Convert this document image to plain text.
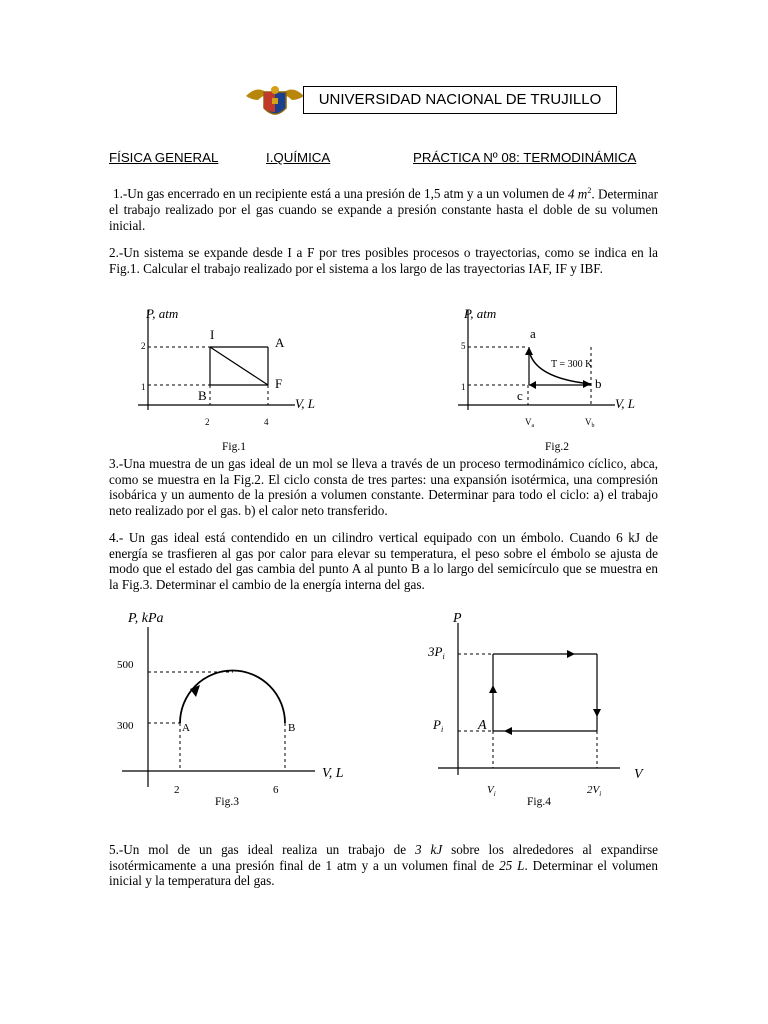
UNIVERSIDAD NACIONAL DE TRUJILLO
FÍSICA GENERAL	I.QUÍMICA	PRÁCTICA Nº 08: TERMODINÁMICA
1.-Un gas encerrado en un recipiente está a una presión de 1,5 atm y a un volumen de 4 $m^2$. Determinar el trabajo realizado por el gas cuando se expande a presión constante hasta el doble de su volumen inicial.
2.-Un sistema se expande desde I a F por tres posibles procesos o trayectorias, como se indica en la Fig.1. Calcular el trabajo realizado por el sistema a los largo de las trayectorias IAF, IF y IBF.
P, atm
V, L
2
1
2	4
I
A
B
F
Fig.1
P, atm
V, L
5
1
$V_a$	$V_b$
a
b
c
T = 300 K
Fig.2
3.-Una muestra de un gas ideal de un mol se lleva a través de un proceso termodinámico cíclico, abca, como se muestra en la Fig.2. El ciclo consta de tres partes: una expansión isotérmica, una compresión isobárica y un aumento de la presión a volumen constante. Determinar para todo el ciclo: a) el trabajo neto realizado por el gas. b) el calor neto transferido.
4.- Un gas ideal está contendido en un cilindro vertical equipado con un émbolo. Cuando 6 kJ de energía se trasfieren al gas por calor para elevar su temperatura, el peso sobre el émbolo se ajusta de modo que el estado del gas cambia del punto A al punto B a lo largo del semicírculo que se muestra en la Fig.3. Determinar el cambio de la energía interna del gas.
P, kPa
V, L
500
300
2	6
A	B
Fig.3
P
V
$3P_i$
$P_i$
$V_i$	$2V_i$
A
Fig.4
5.-Un mol de un gas ideal realiza un trabajo de 3 kJ sobre los alrededores al expandirse isotérmicamente a una presión final de 1 atm y a un volumen final de 25 L. Determinar el volumen inicial y la temperatura del gas.
